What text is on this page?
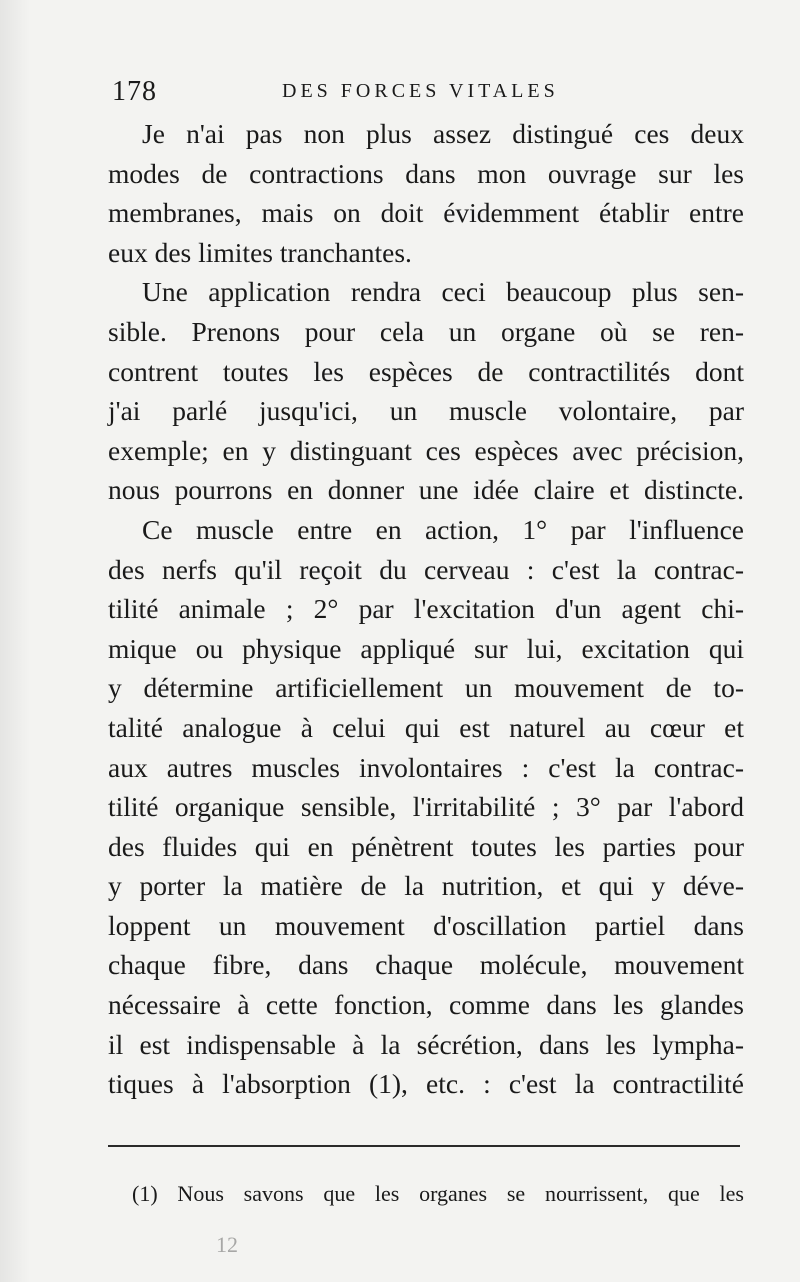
178	DES FORCES VITALES
Je n'ai pas non plus assez distingué ces deux
modes de contractions dans mon ouvrage sur les
membranes, mais on doit évidemment établir entre
eux des limites tranchantes.
Une application rendra ceci beaucoup plus sen-
sible. Prenons pour cela un organe où se ren-
contrent toutes les espèces de contractilités dont
j'ai parlé jusqu'ici, un muscle volontaire, par
exemple; en y distinguant ces espèces avec précision,
nous pourrons en donner une idée claire et distincte.
Ce muscle entre en action, 1° par l'influence
des nerfs qu'il reçoit du cerveau : c'est la contrac-
tilité animale ; 2° par l'excitation d'un agent chi-
mique ou physique appliqué sur lui, excitation qui
y détermine artificiellement un mouvement de to-
talité analogue à celui qui est naturel au cœur et
aux autres muscles involontaires : c'est la contrac-
tilité organique sensible, l'irritabilité ; 3° par l'abord
des fluides qui en pénètrent toutes les parties pour
y porter la matière de la nutrition, et qui y déve-
loppent un mouvement d'oscillation partiel dans
chaque fibre, dans chaque molécule, mouvement
nécessaire à cette fonction, comme dans les glandes
il est indispensable à la sécrétion, dans les lympha-
tiques à l'absorption (1), etc. : c'est la contractilité
(1) Nous savons que les organes se nourrissent, que les
12
